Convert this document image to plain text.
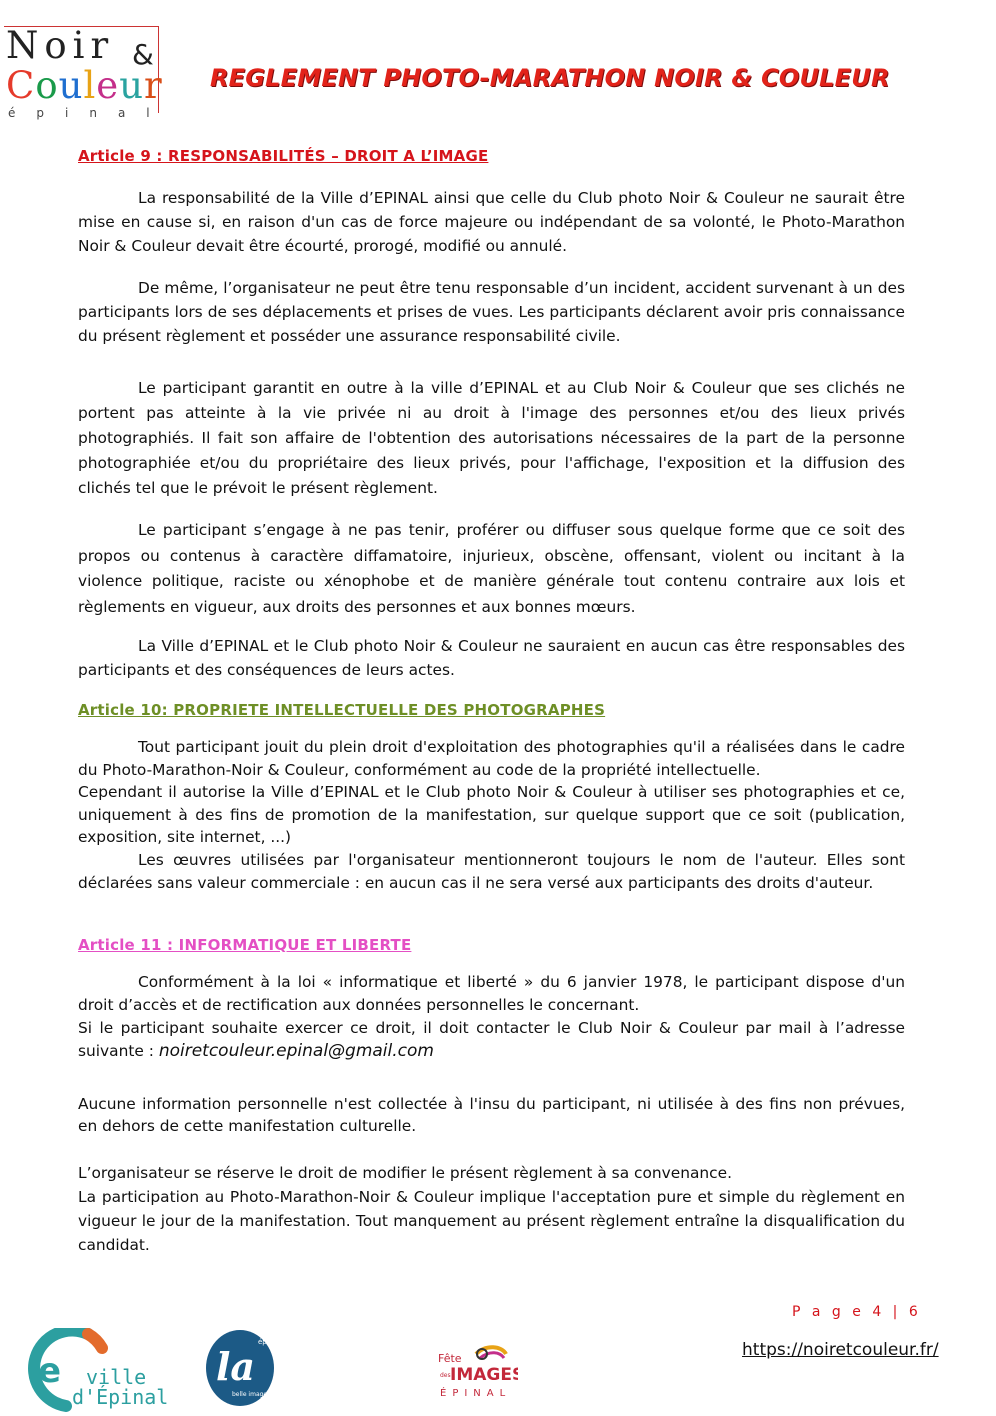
Noir &
Couleur
épinal
REGLEMENT PHOTO-MARATHON NOIR & COULEUR
Article 9 : RESPONSABILITÉS – DROIT A L’IMAGE

La responsabilité de la Ville d’EPINAL ainsi que celle du Club photo Noir & Couleur ne saurait être mise en cause si, en raison d'un cas de force majeure ou indépendant de sa volonté, le Photo-Marathon Noir & Couleur devait être écourté, prorogé, modifié ou annulé.

De même, l’organisateur ne peut être tenu responsable d’un incident, accident survenant à un des participants lors de ses déplacements et prises de vues. Les participants déclarent avoir pris connaissance du présent règlement et posséder une assurance responsabilité civile.

Le participant garantit en outre à la ville d’EPINAL et au Club Noir & Couleur que ses clichés ne portent pas atteinte à la vie privée ni au droit à l'image des personnes et/ou des lieux privés photographiés. Il fait son affaire de l'obtention des autorisations nécessaires de la part de la personne photographiée et/ou du propriétaire des lieux privés, pour l'affichage, l'exposition et la diffusion des clichés tel que le prévoit le présent règlement.

Le participant s’engage à ne pas tenir, proférer ou diffuser sous quelque forme que ce soit des propos ou contenus à caractère diffamatoire, injurieux, obscène, offensant, violent ou incitant à la violence politique, raciste ou xénophobe et de manière générale tout contenu contraire aux lois et règlements en vigueur, aux droits des personnes et aux bonnes mœurs.

La Ville d’EPINAL et le Club photo Noir & Couleur ne sauraient en aucun cas être responsables des participants et des conséquences de leurs actes.

Article 10: PROPRIETE INTELLECTUELLE DES PHOTOGRAPHES

Tout participant jouit du plein droit d'exploitation des photographies qu'il a réalisées dans le cadre du Photo-Marathon-Noir & Couleur, conformément au code de la propriété intellectuelle.

Cependant il autorise la Ville d’EPINAL et le Club photo Noir & Couleur à utiliser ses photographies et ce, uniquement à des fins de promotion de la manifestation, sur quelque support que ce soit (publication, exposition, site internet, ...)

Les œuvres utilisées par l'organisateur mentionneront toujours le nom de l'auteur. Elles sont déclarées sans valeur commerciale : en aucun cas il ne sera versé aux participants des droits d'auteur.

Article 11 : INFORMATIQUE ET LIBERTE

Conformément à la loi « informatique et liberté » du 6 janvier 1978, le participant dispose d'un droit d’accès et de rectification aux données personnelles le concernant.

Si le participant souhaite exercer ce droit, il doit contacter le Club Noir & Couleur par mail à l’adresse suivante : noiretcouleur.epinal@gmail.com

Aucune information personnelle n'est collectée à l'insu du participant, ni utilisée à des fins non prévues, en dehors de cette manifestation culturelle.

L’organisateur se réserve le droit de modifier le présent règlement à sa convenance.

La participation au Photo-Marathon-Noir & Couleur implique l'acceptation pure et simple du règlement en vigueur le jour de la manifestation. Tout manquement au présent règlement entraîne la disqualification du candidat.

P a g e 4 | 6
https://noiretcouleur.fr/
e ville
d'Épinal
épinal
la
belle image
Fête
des IMAGES
ÉPINAL
